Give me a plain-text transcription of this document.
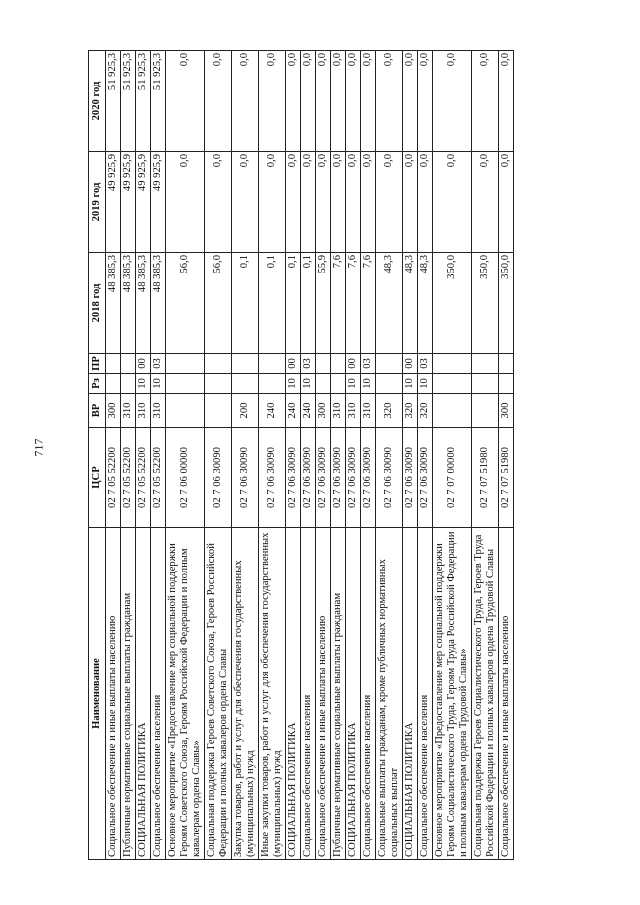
717
Наименование	ЦСР	ВР	Рз	ПР	2018 год	2019 год	2020 год
Социальное обеспечение и иные выплаты населению	02 7 05 52200	300			48 385,3	49 925,9	51 925,3
Публичные нормативные социальные выплаты гражданам	02 7 05 52200	310			48 385,3	49 925,9	51 925,3
СОЦИАЛЬНАЯ ПОЛИТИКА	02 7 05 52200	310	10	00	48 385,3	49 925,9	51 925,3
Социальное обеспечение населения	02 7 05 52200	310	10	03	48 385,3	49 925,9	51 925,3
Основное мероприятие «Предоставление мер социальной поддержки Героям Советского Союза, Героям Российской Федерации и полным кавалерам ордена Славы»	02 7 06 00000				56,0	0,0	0,0
Социальная поддержка Героев Советского Союза, Героев Российской Федерации и полных кавалеров ордена Славы	02 7 06 30090				56,0	0,0	0,0
Закупка товаров, работ и услуг для обеспечения государственных (муниципальных) нужд	02 7 06 30090	200			0,1	0,0	0,0
Иные закупки товаров, работ и услуг для обеспечения государственных (муниципальных) нужд	02 7 06 30090	240			0,1	0,0	0,0
СОЦИАЛЬНАЯ ПОЛИТИКА	02 7 06 30090	240	10	00	0,1	0,0	0,0
Социальное обеспечение населения	02 7 06 30090	240	10	03	0,1	0,0	0,0
Социальное обеспечение и иные выплаты населению	02 7 06 30090	300			55,9	0,0	0,0
Публичные нормативные социальные выплаты гражданам	02 7 06 30090	310			7,6	0,0	0,0
СОЦИАЛЬНАЯ ПОЛИТИКА	02 7 06 30090	310	10	00	7,6	0,0	0,0
Социальное обеспечение населения	02 7 06 30090	310	10	03	7,6	0,0	0,0
Социальные выплаты гражданам, кроме публичных нормативных социальных выплат	02 7 06 30090	320			48,3	0,0	0,0
СОЦИАЛЬНАЯ ПОЛИТИКА	02 7 06 30090	320	10	00	48,3	0,0	0,0
Социальное обеспечение населения	02 7 06 30090	320	10	03	48,3	0,0	0,0
Основное мероприятие «Предоставление мер социальной поддержки Героям Социалистического Труда, Героям Труда Российской Федерации и полным кавалерам ордена Трудовой Славы»	02 7 07 00000				350,0	0,0	0,0
Социальная поддержка Героев Социалистического Труда, Героев Труда Российской Федерации и полных кавалеров ордена Трудовой Славы	02 7 07 51980				350,0	0,0	0,0
Социальное обеспечение и иные выплаты населению	02 7 07 51980	300			350,0	0,0	0,0
